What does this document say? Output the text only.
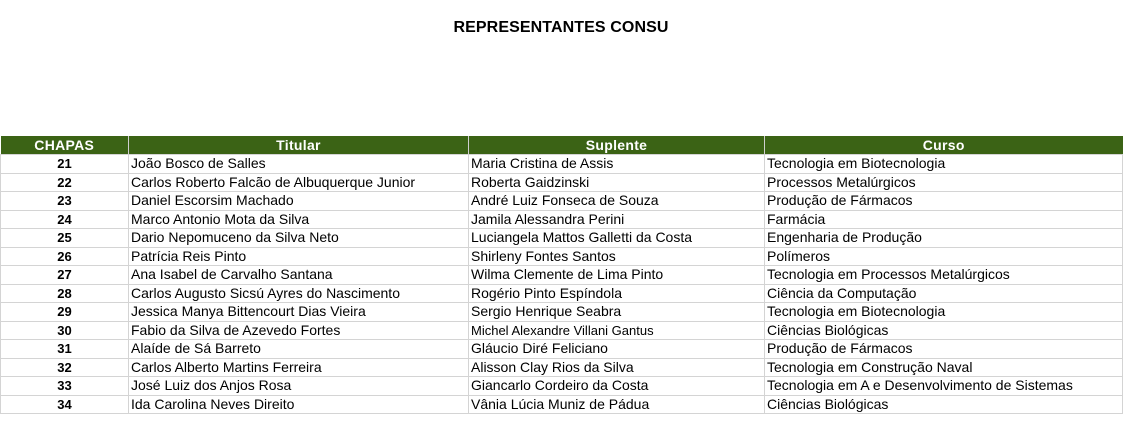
REPRESENTANTES CONSU
CHAPAS	Titular	Suplente	Curso
21	João Bosco de Salles	Maria Cristina de Assis	Tecnologia em Biotecnologia
22	Carlos Roberto Falcão de Albuquerque Junior	Roberta Gaidzinski	Processos Metalúrgicos
23	Daniel Escorsim Machado	André Luiz Fonseca de Souza	Produção de Fármacos
24	Marco Antonio Mota da Silva	Jamila Alessandra Perini	Farmácia
25	Dario Nepomuceno da Silva Neto	Luciangela Mattos Galletti da Costa	Engenharia de Produção
26	Patrícia Reis Pinto	Shirleny Fontes Santos	Polímeros
27	Ana Isabel de Carvalho Santana	Wilma Clemente de Lima Pinto	Tecnologia em Processos Metalúrgicos
28	Carlos Augusto Sicsú Ayres do Nascimento	Rogério Pinto Espíndola	Ciência da Computação
29	Jessica Manya Bittencourt Dias Vieira	Sergio Henrique Seabra	Tecnologia em Biotecnologia
30	Fabio da Silva de Azevedo Fortes	Michel Alexandre Villani Gantus	Ciências Biológicas
31	Alaíde de Sá Barreto	Gláucio Diré Feliciano	Produção de Fármacos
32	Carlos Alberto Martins Ferreira	Alisson Clay Rios da Silva	Tecnologia em Construção Naval
33	José Luiz dos Anjos Rosa	Giancarlo Cordeiro da Costa	Tecnologia em A e Desenvolvimento de Sistemas
34	Ida Carolina Neves Direito	Vânia Lúcia Muniz de Pádua	Ciências Biológicas
